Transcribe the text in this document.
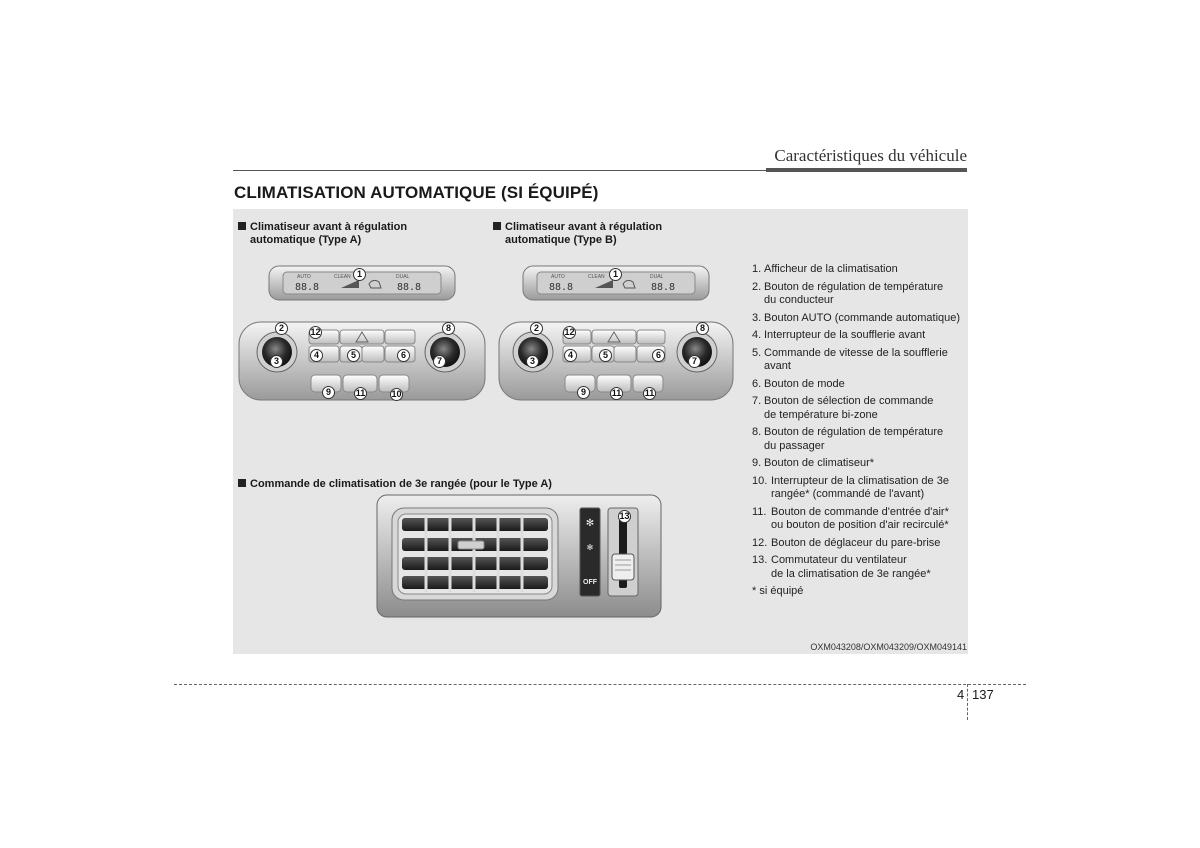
Caractéristiques du véhicule
CLIMATISATION AUTOMATIQUE (SI ÉQUIPÉ)
Climatiseur avant à régulation
automatique (Type A)
Climatiseur avant à régulation
automatique (Type B)
Commande de climatisation de 3e rangée (pour le Type A)
AUTO
88.8
CLEAN	DUAL
88.8
1
2
3
4	5	6
7
8
9	10
11
12
AUTO
88.8
CLEAN	DUAL
88.8
1
2
3
4	5	6
7
8
9	11	11
12
✻
✻
OFF
13
1. Afficheur de la climatisation
2. Bouton de régulation de température
du conducteur
3. Bouton AUTO (commande automatique)
4. Interrupteur de la soufflerie avant
5. Commande de vitesse de la soufflerie
avant
6. Bouton de mode
7. Bouton de sélection de commande
de température bi-zone
8. Bouton de régulation de température
du passager
9. Bouton de climatiseur*
10. Interrupteur de la climatisation de 3e
rangée* (commandé de l'avant)
11. Bouton de commande d'entrée d'air*
ou bouton de position d'air recirculé*
12. Bouton de déglaceur du pare-brise
13. Commutateur du ventilateur
de la climatisation de 3e rangée*
* si équipé
OXM043208/OXM043209/OXM049141
4 137
